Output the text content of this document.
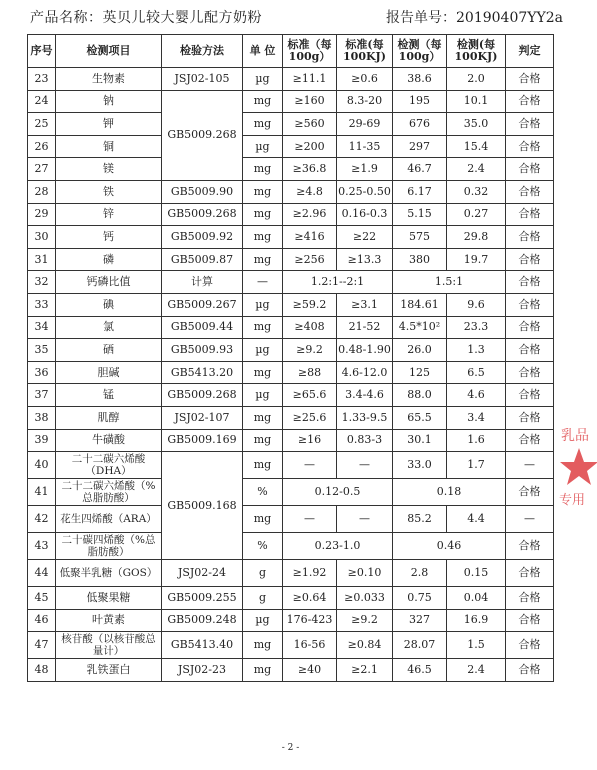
产品名称：英贝儿较大婴儿配方奶粉	报告单号：20190407YY2a
序号	检测项目	检验方法	单 位	标准（每100g）	标准(每100KJ)	检测（每100g）	检测(每100KJ)	判定
23	生物素	JSJ02-105	µg	≥11.1	≥0.6	38.6	2.0	合格
24	钠	GB5009.268	mg	≥160	8.3-20	195	10.1	合格
25	钾		mg	≥560	29-69	676	35.0	合格
26	铜		µg	≥200	11-35	297	15.4	合格
27	镁		mg	≥36.8	≥1.9	46.7	2.4	合格
28	铁	GB5009.90	mg	≥4.8	0.25-0.50	6.17	0.32	合格
29	锌	GB5009.268	mg	≥2.96	0.16-0.3	5.15	0.27	合格
30	钙	GB5009.92	mg	≥416	≥22	575	29.8	合格
31	磷	GB5009.87	mg	≥256	≥13.3	380	19.7	合格
32	钙磷比值	计算	—	1.2:1--2:1		1.5:1		合格
33	碘	GB5009.267	µg	≥59.2	≥3.1	184.61	9.6	合格
34	氯	GB5009.44	mg	≥408	21-52	4.5*10²	23.3	合格
35	硒	GB5009.93	µg	≥9.2	0.48-1.90	26.0	1.3	合格
36	胆碱	GB5413.20	mg	≥88	4.6-12.0	125	6.5	合格
37	锰	GB5009.268	µg	≥65.6	3.4-4.6	88.0	4.6	合格
38	肌醇	JSJ02-107	mg	≥25.6	1.33-9.5	65.5	3.4	合格
39	牛磺酸	GB5009.169	mg	≥16	0.83-3	30.1	1.6	合格
40	二十二碳六烯酸（DHA）	GB5009.168	mg	—	—	33.0	1.7	—
41	二十二碳六烯酸（%总脂肪酸）		%	0.12-0.5		0.18		合格
42	花生四烯酸（ARA）		mg	—	—	85.2	4.4	—
43	二十碳四烯酸（%总脂肪酸）		%	0.23-1.0		0.46		合格
44	低聚半乳糖（GOS）	JSJ02-24	g	≥1.92	≥0.10	2.8	0.15	合格
45	低聚果糖	GB5009.255	g	≥0.64	≥0.033	0.75	0.04	合格
46	叶黄素	GB5009.248	µg	176-423	≥9.2	327	16.9	合格
47	核苷酸（以核苷酸总量计）	GB5413.40	mg	16-56	≥0.84	28.07	1.5	合格
48	乳铁蛋白	JSJ02-23	mg	≥40	≥2.1	46.5	2.4	合格
乳品
专用
- 2 -
